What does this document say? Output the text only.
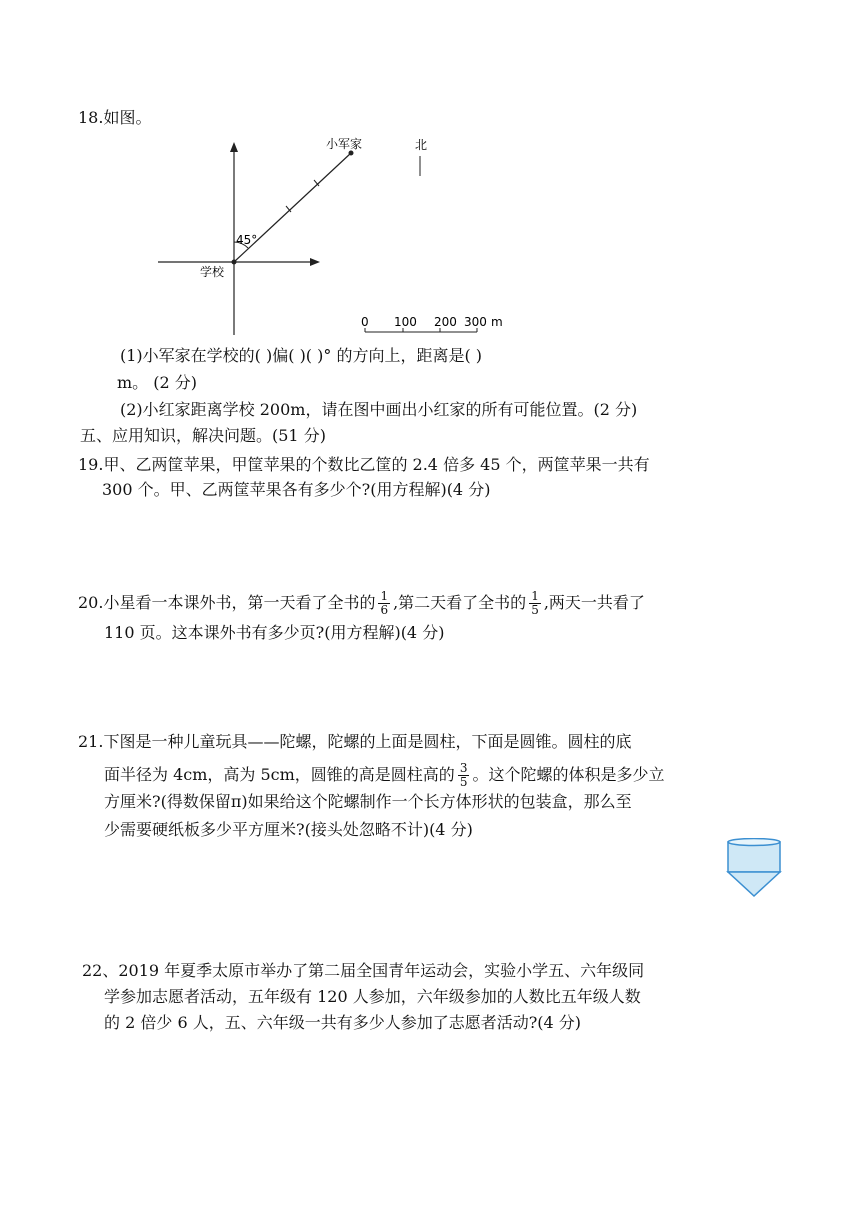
18.如图。
45°
小军家
学校
北
0 100 200 300 m
(1)小军家在学校的( )偏( )( )° 的方向上，距离是( )
m。 (2 分)
(2)小红家距离学校 200m，请在图中画出小红家的所有可能位置。(2 分)
五、应用知识，解决问题。(51 分)
19.甲、乙两筐苹果，甲筐苹果的个数比乙筐的 2.4 倍多 45 个，两筐苹果一共有
300 个。甲、乙两筐苹果各有多少个?(用方程解)(4 分)
20.小星看一本课外书，第一天看了全书的 $\frac{1}{6}$ ,第二天看了全书的 $\frac{1}{5}$ ,两天一共看了
110 页。这本课外书有多少页?(用方程解)(4 分)
21.下图是一种儿童玩具——陀螺，陀螺的上面是圆柱，下面是圆锥。圆柱的底
面半径为 4cm，高为 5cm，圆锥的高是圆柱高的 $\frac{3}{5}$ 。这个陀螺的体积是多少立
方厘米?(得数保留π)如果给这个陀螺制作一个长方体形状的包装盒，那么至
少需要硬纸板多少平方厘米?(接头处忽略不计)(4 分)
22、2019 年夏季太原市举办了第二届全国青年运动会，实验小学五、六年级同
学参加志愿者活动，五年级有 120 人参加，六年级参加的人数比五年级人数
的 2 倍少 6 人，五、六年级一共有多少人参加了志愿者活动?(4 分)
